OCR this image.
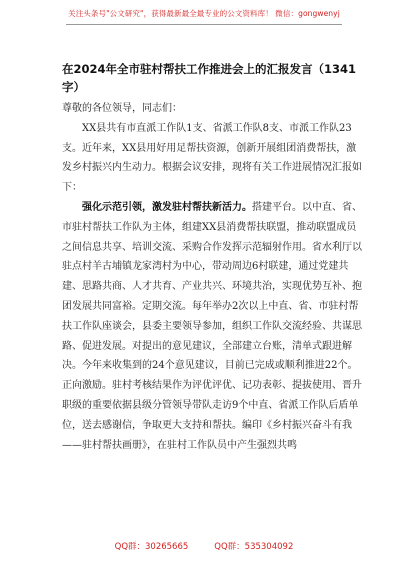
关注头条号"公文研究"，获得最新最全最专业的公文资料库！ 微信：gongwenyj
在2024年全市驻村帮扶工作推进会上的汇报发言（1341字）

尊敬的各位领导，同志们：

XX县共有市直派工作队1支、省派工作队8支、市派工作队23支。近年来，XX县用好用足帮扶资源，创新开展组团消费帮扶，激发乡村振兴内生动力。根据会议安排，现将有关工作进展情况汇报如下：

强化示范引领，激发驻村帮扶新活力。搭建平台。以中直、省、市驻村帮扶工作队为主体，组建XX县消费帮扶联盟，推动联盟成员之间信息共享、培训交流、采购合作发挥示范辐射作用。省水利厅以驻点村羊古埔镇龙家湾村为中心，带动周边6村联建，通过党建共建、思路共商、人才共育、产业共兴、环境共治，实现优势互补、抱团发展共同富裕。定期交流。每年举办2次以上中直、省、市驻村帮扶工作队座谈会，县委主要领导参加，组织工作队交流经验、共谋思路、促进发展。对提出的意见建议，全部建立台账，清单式跟进解决。今年来收集到的24个意见建议，目前已完成或顺利推进22个。正向激励。驻村考核结果作为评优评优、记功表彰、提拔使用、晋升职级的重要依据县级分管领导带队走访9个中直、省派工作队后盾单位，送去感谢信，争取更大支持和帮扶。编印《乡村振兴奋斗有我——驻村帮扶画册》，在驻村工作队员中产生强烈共鸣

QQ群：30265665	QQ群：535304092
